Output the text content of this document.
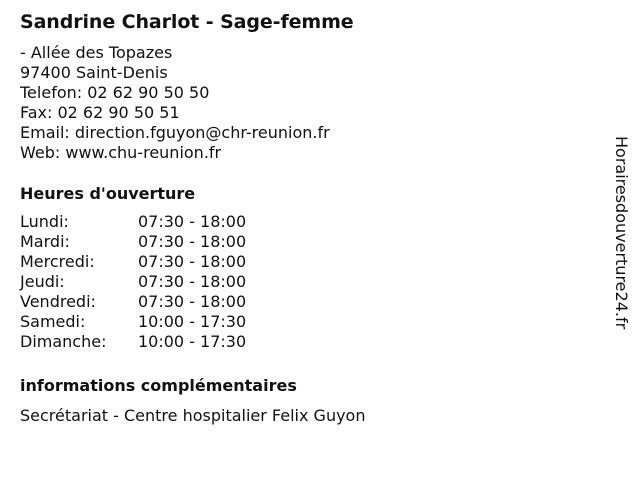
Sandrine Charlot - Sage-femme
- Allée des Topazes
97400 Saint-Denis
Telefon: 02 62 90 50 50
Fax: 02 62 90 50 51
Email: direction.fguyon@chr-reunion.fr
Web: www.chu-reunion.fr
Heures d'ouverture
Lundi:	07:30 - 18:00
Mardi:	07:30 - 18:00
Mercredi:	07:30 - 18:00
Jeudi:	07:30 - 18:00
Vendredi:	07:30 - 18:00
Samedi:	10:00 - 17:30
Dimanche:	10:00 - 17:30
informations complémentaires
Secrétariat - Centre hospitalier Felix Guyon
Horairesdouverture24.fr
